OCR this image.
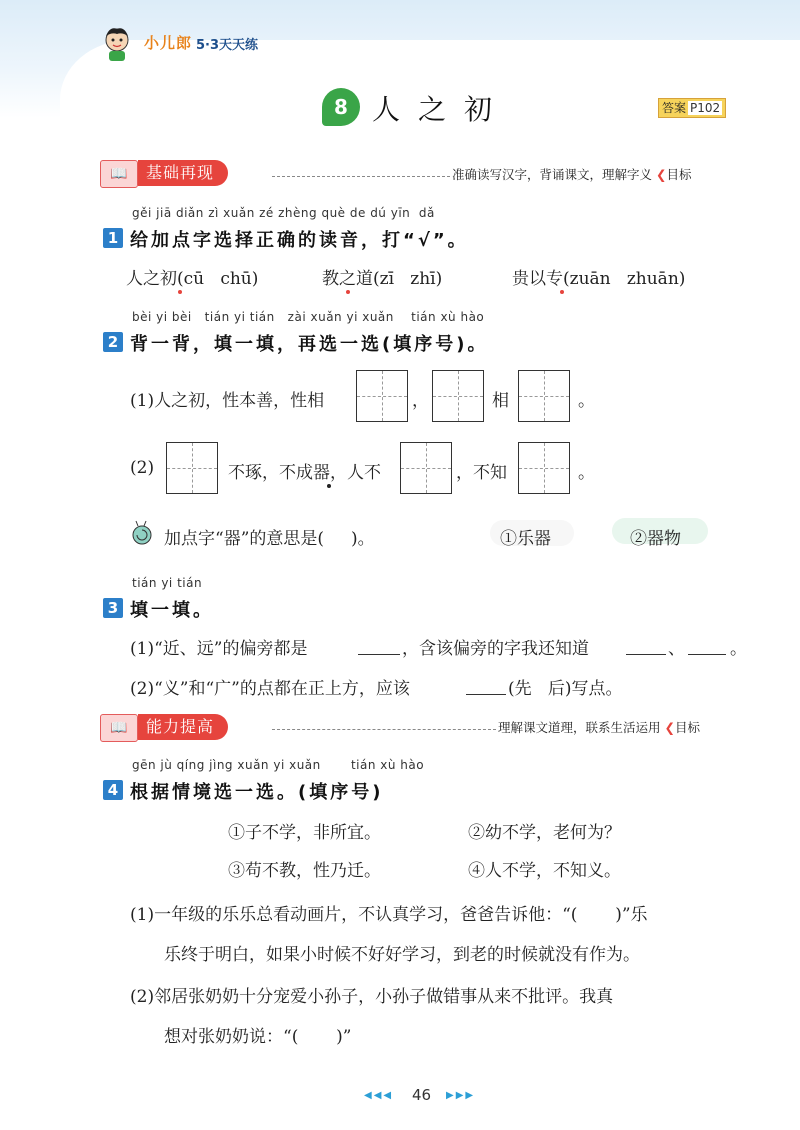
小儿郎 5·3天天练
8 人之初	答案 P102
📖	基础再现	准确读写汉字，背诵课文，理解字义 ❮目标
gěi jiā diǎn zì xuǎn zé zhèng què de dú yīn  dǎ
1 给加点字选择正确的读音，打“√”。
人之初(cū   chū)	教之道(zī   zhī)	贵以专(zuān   zhuān)
bèi yi bèi   tián yi tián   zài xuǎn yi xuǎn    tián xù hào
2 背一背，填一填，再选一选(填序号)。
(1)人之初，性本善，性相	，	相	。
(2)	不琢，不成器，人不	，不知	。
加点字“器”的意思是(     )。	①乐器	②器物
tián yi tián
3 填一填。
(1)“近、远”的偏旁都是	，含该偏旁的字我还知道	、	。
(2)“义”和“广”的点都在正上方，应该	(先   后)写点。
📖	能力提高	理解课文道理，联系生活运用 ❮目标
gēn jù qíng jìng xuǎn yi xuǎn       tián xù hào
4 根据情境选一选。(填序号)
①子不学，非所宜。	②幼不学，老何为？
③苟不教，性乃迁。	④人不学，不知义。
(1)一年级的乐乐总看动画片，不认真学习，爸爸告诉他：“(       )”乐
乐终于明白，如果小时候不好好学习，到老的时候就没有作为。
(2)邻居张奶奶十分宠爱小孙子，小孙子做错事从来不批评。我真
想对张奶奶说：“(       )”
◀◀◀ 46 ▶▶▶
